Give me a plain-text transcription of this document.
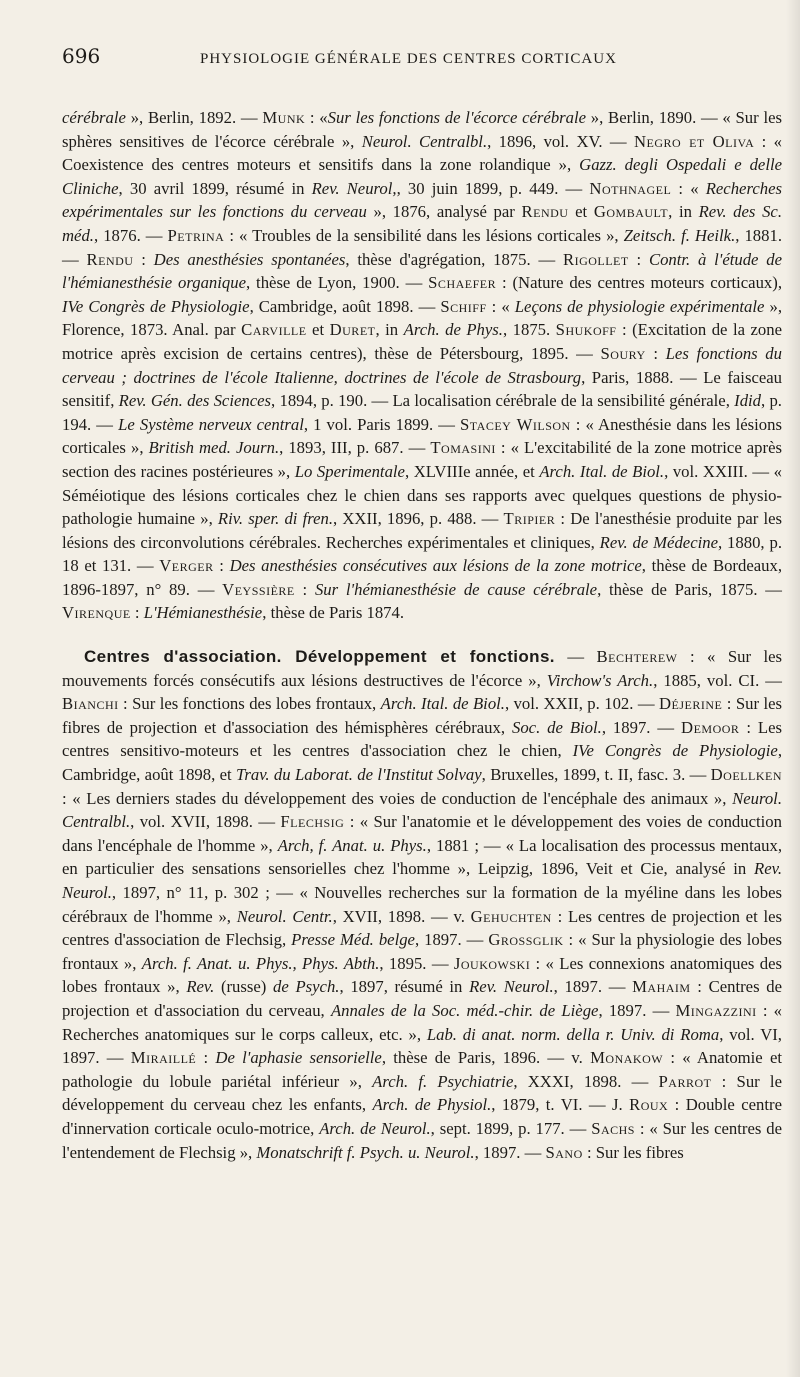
696	PHYSIOLOGIE GÉNÉRALE DES CENTRES CORTICAUX

cérébrale », Berlin, 1892. — Munk : «Sur les fonctions de l'écorce cérébrale », Berlin, 1890. — « Sur les sphères sensitives de l'écorce cérébrale », Neurol. Centralbl., 1896, vol. XV. — Negro et Oliva : « Coexistence des centres moteurs et sensitifs dans la zone rolandique », Gazz. degli Ospedali e delle Cliniche, 30 avril 1899, résumé in Rev. Neurol,, 30 juin 1899, p. 449. — Nothnagel : « Recherches expérimentales sur les fonctions du cerveau », 1876, analysé par Rendu et Gombault, in Rev. des Sc. méd., 1876. — Petrina : « Troubles de la sensibilité dans les lésions corticales », Zeitsch. f. Heilk., 1881. — Rendu : Des anesthésies spontanées, thèse d'agrégation, 1875. — Rigollet : Contr. à l'étude de l'hémianesthésie organique, thèse de Lyon, 1900. — Schaefer : (Nature des centres moteurs corticaux), IVe Congrès de Physiologie, Cambridge, août 1898. — Schiff : « Leçons de physiologie expérimentale », Florence, 1873. Anal. par Carville et Duret, in Arch. de Phys., 1875. Shukoff : (Excitation de la zone motrice après excision de certains centres), thèse de Pétersbourg, 1895. — Soury : Les fonctions du cerveau ; doctrines de l'école Italienne, doctrines de l'école de Strasbourg, Paris, 1888. — Le faisceau sensitif, Rev. Gén. des Sciences, 1894, p. 190. — La localisation cérébrale de la sensibilité générale, Idid, p. 194. — Le Système nerveux central, 1 vol. Paris 1899. — Stacey Wilson : « Anesthésie dans les lésions corticales », British med. Journ., 1893, III, p. 687. — Tomasini : « L'excitabilité de la zone motrice après section des racines postérieures », Lo Sperimentale, XLVIIIe année, et Arch. Ital. de Biol., vol. XXIII. — « Séméiotique des lésions corticales chez le chien dans ses rapports avec quelques questions de physio-pathologie humaine », Riv. sper. di fren., XXII, 1896, p. 488. — Tripier : De l'anesthésie produite par les lésions des circonvolutions cérébrales. Recherches expérimentales et cliniques, Rev. de Médecine, 1880, p. 18 et 131. — Verger : Des anesthésies consécutives aux lésions de la zone motrice, thèse de Bordeaux, 1896-1897, n° 89. — Veyssière : Sur l'hémianesthésie de cause cérébrale, thèse de Paris, 1875. — Virenque : L'Hémianesthésie, thèse de Paris 1874.

Centres d'association. Développement et fonctions. — Bechterew : « Sur les mouvements forcés consécutifs aux lésions destructives de l'écorce », Virchow's Arch., 1885, vol. CI. — Bianchi : Sur les fonctions des lobes frontaux, Arch. Ital. de Biol., vol. XXII, p. 102. — Déjerine : Sur les fibres de projection et d'association des hémisphères cérébraux, Soc. de Biol., 1897. — Demoor : Les centres sensitivo-moteurs et les centres d'association chez le chien, IVe Congrès de Physiologie, Cambridge, août 1898, et Trav. du Laborat. de l'Institut Solvay, Bruxelles, 1899, t. II, fasc. 3. — Doellken : « Les derniers stades du développement des voies de conduction de l'encéphale des animaux », Neurol. Centralbl., vol. XVII, 1898. — Flechsig : « Sur l'anatomie et le développement des voies de conduction dans l'encéphale de l'homme », Arch, f. Anat. u. Phys., 1881 ; — « La localisation des processus mentaux, en particulier des sensations sensorielles chez l'homme », Leipzig, 1896, Veit et Cie, analysé in Rev. Neurol., 1897, n° 11, p. 302 ; — « Nouvelles recherches sur la formation de la myéline dans les lobes cérébraux de l'homme », Neurol. Centr., XVII, 1898. — v. Gehuchten : Les centres de projection et les centres d'association de Flechsig, Presse Méd. belge, 1897. — Grossglik : « Sur la physiologie des lobes frontaux », Arch. f. Anat. u. Phys., Phys. Abth., 1895. — Joukowski : « Les connexions anatomiques des lobes frontaux », Rev. (russe) de Psych., 1897, résumé in Rev. Neurol., 1897. — Mahaim : Centres de projection et d'association du cerveau, Annales de la Soc. méd.-chir. de Liège, 1897. — Mingazzini : « Recherches anatomiques sur le corps calleux, etc. », Lab. di anat. norm. della r. Univ. di Roma, vol. VI, 1897. — Miraillé : De l'aphasie sensorielle, thèse de Paris, 1896. — v. Monakow : « Anatomie et pathologie du lobule pariétal inférieur », Arch. f. Psychiatrie, XXXI, 1898. — Parrot : Sur le développement du cerveau chez les enfants, Arch. de Physiol., 1879, t. VI. — J. Roux : Double centre d'innervation corticale oculo-motrice, Arch. de Neurol., sept. 1899, p. 177. — Sachs : « Sur les centres de l'entendement de Flechsig », Monatschrift f. Psych. u. Neurol., 1897. — Sano : Sur les fibres
